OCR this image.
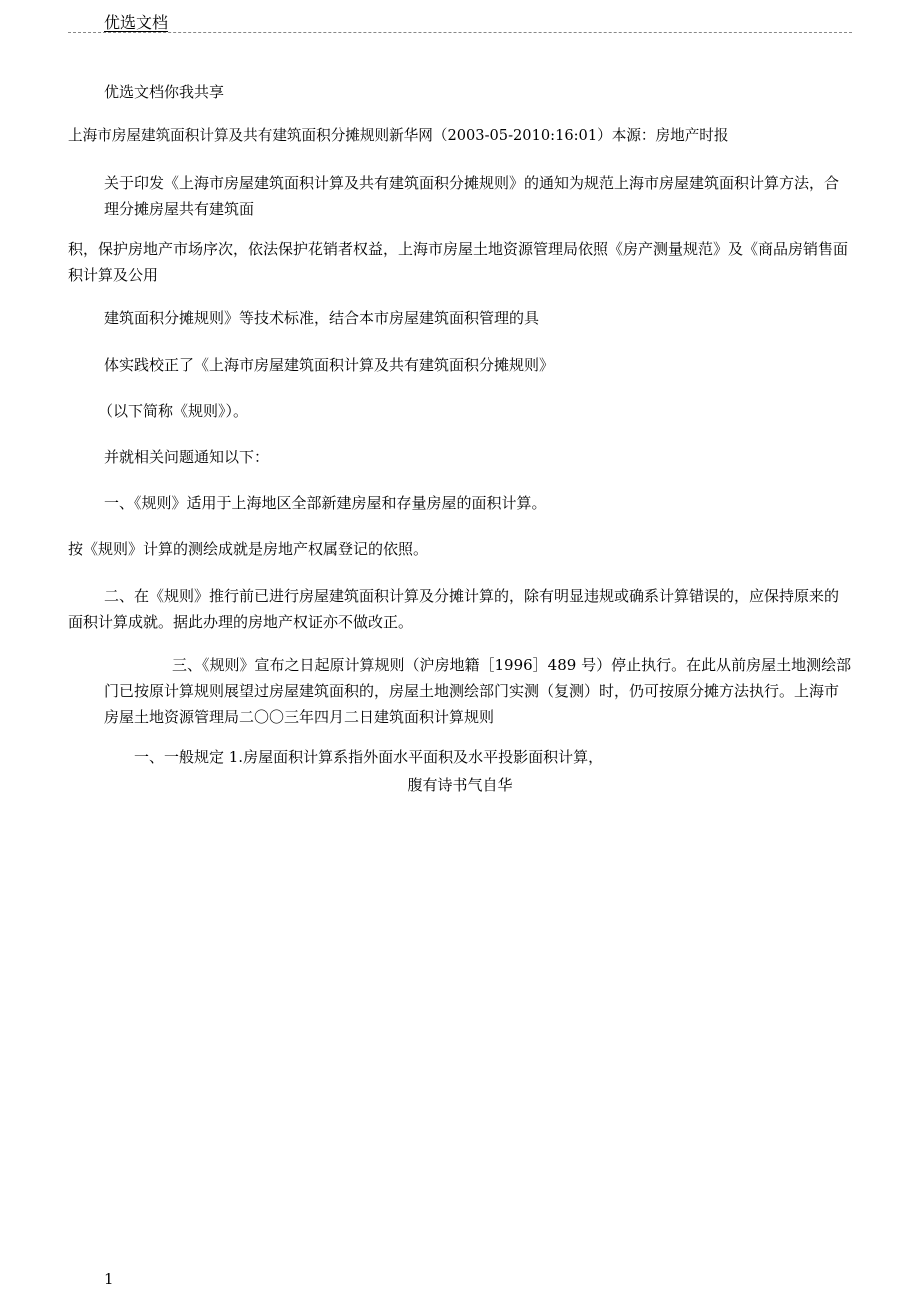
优选文档

优选文档你我共享

上海市房屋建筑面积计算及共有建筑面积分摊规则新华网（2003-05-2010:16:01）本源：房地产时报

关于印发《上海市房屋建筑面积计算及共有建筑面积分摊规则》的通知为规范上海市房屋建筑面积计算方法，合理分摊房屋共有建筑面

积，保护房地产市场序次，依法保护花销者权益，上海市房屋土地资源管理局依照《房产测量规范》及《商品房销售面积计算及公用

建筑面积分摊规则》等技术标准，结合本市房屋建筑面积管理的具

体实践校正了《上海市房屋建筑面积计算及共有建筑面积分摊规则》

（以下简称《规则》）。

并就相关问题通知以下：

一、《规则》适用于上海地区全部新建房屋和存量房屋的面积计算。

按《规则》计算的测绘成就是房地产权属登记的依照。

二、在《规则》推行前已进行房屋建筑面积计算及分摊计算的，除有明显违规或确系计算错误的，应保持原来的面积计算成就。据此办理的房地产权证亦不做改正。

三、《规则》宣布之日起原计算规则（沪房地籍［1996］489 号）停止执行。在此从前房屋土地测绘部门已按原计算规则展望过房屋建筑面积的，房屋土地测绘部门实测（复测）时，仍可按原分摊方法执行。上海市房屋土地资源管理局二〇〇三年四月二日建筑面积计算规则

一、一般规定 1.房屋面积计算系指外面水平面积及水平投影面积计算，

腹有诗书气自华
1
